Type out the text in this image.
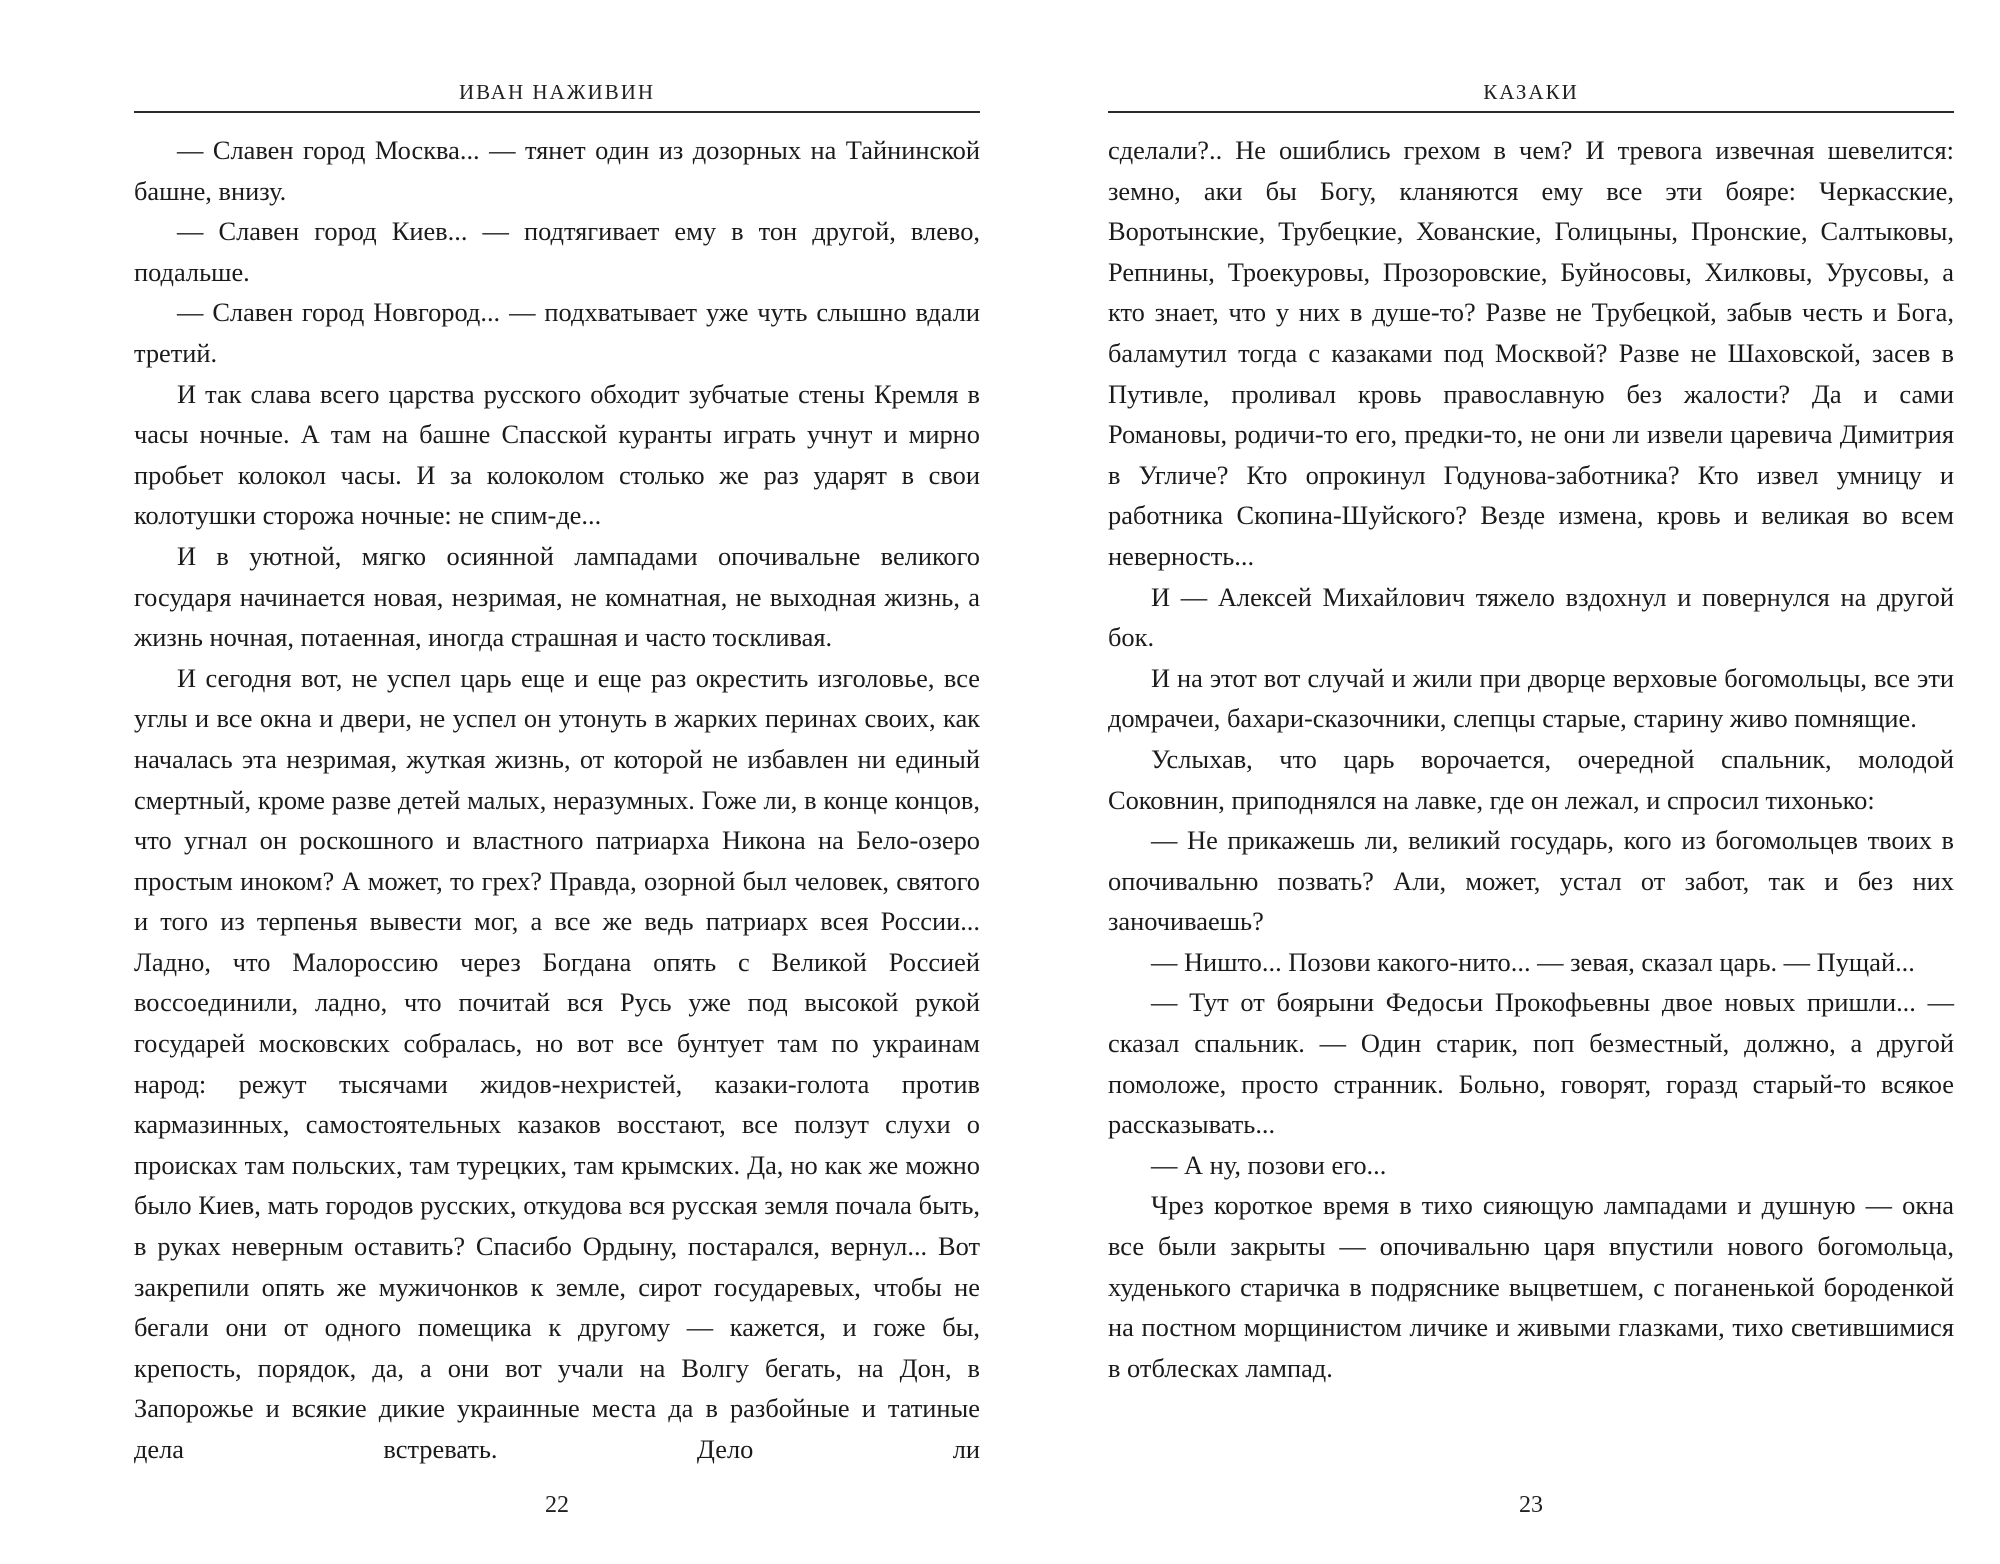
ИВАН НАЖИВИН

— Славен город Москва... — тянет один из дозорных на Тайнинской башне, внизу.

— Славен город Киев... — подтягивает ему в тон другой, влево, подальше.

— Славен город Новгород... — подхватывает уже чуть слышно вдали третий.

И так слава всего царства русского обходит зубчатые стены Кремля в часы ночные. А там на башне Спасской куранты играть учнут и мирно пробьет колокол часы. И за колоколом столько же раз ударят в свои колотушки сторожа ночные: не спим-де...

И в уютной, мягко осиянной лампадами опочивальне великого государя начинается новая, незримая, не комнатная, не выходная жизнь, а жизнь ночная, потаенная, иногда страшная и часто тоскливая.

И сегодня вот, не успел царь еще и еще раз окрестить изголовье, все углы и все окна и двери, не успел он утонуть в жарких перинах своих, как началась эта незримая, жуткая жизнь, от которой не избавлен ни единый смертный, кроме разве детей малых, неразумных. Гоже ли, в конце концов, что угнал он роскошного и властного патриарха Никона на Бело-озеро простым иноком? А может, то грех? Правда, озорной был человек, святого и того из терпенья вывести мог, а все же ведь патриарх всея России... Ладно, что Малороссию через Богдана опять с Великой Россией воссоединили, ладно, что почитай вся Русь уже под высокой рукой государей московских собралась, но вот все бунтует там по украинам народ: режут тысячами жидов-нехристей, казаки-голота против кармазинных, самостоятельных казаков восстают, все ползут слухи о происках там польских, там турецких, там крымских. Да, но как же можно было Киев, мать городов русских, откудова вся русская земля почала быть, в руках неверным оставить? Спасибо Ордыну, постарался, вернул... Вот закрепили опять же мужичонков к земле, сирот государевых, чтобы не бегали они от одного помещика к другому — кажется, и гоже бы, крепость, порядок, да, а они вот учали на Волгу бегать, на Дон, в Запорожье и всякие дикие украинные места да в разбойные и татиные дела встревать. Дело ли

22
КАЗАКИ

сделали?.. Не ошиблись грехом в чем? И тревога извечная шевелится: земно, аки бы Богу, кланяются ему все эти бояре: Черкасские, Воротынские, Трубецкие, Хованские, Голицыны, Пронские, Салтыковы, Репнины, Троекуровы, Прозоровские, Буйносовы, Хилковы, Урусовы, а кто знает, что у них в душе-то? Разве не Трубецкой, забыв честь и Бога, баламутил тогда с казаками под Москвой? Разве не Шаховской, засев в Путивле, проливал кровь православную без жалости? Да и сами Романовы, родичи-то его, предки-то, не они ли извели царевича Димитрия в Угличе? Кто опрокинул Годунова-заботника? Кто извел умницу и работника Скопина-Шуйского? Везде измена, кровь и великая во всем неверность...

И — Алексей Михайлович тяжело вздохнул и повернулся на другой бок.

И на этот вот случай и жили при дворце верховые богомольцы, все эти домрачеи, бахари-сказочники, слепцы старые, старину живо помнящие.

Услыхав, что царь ворочается, очередной спальник, молодой Соковнин, приподнялся на лавке, где он лежал, и спросил тихонько:

— Не прикажешь ли, великий государь, кого из богомольцев твоих в опочивальню позвать? Али, может, устал от забот, так и без них заночиваешь?

— Ништо... Позови какого-нито... — зевая, сказал царь. — Пущай...

— Тут от боярыни Федосьи Прокофьевны двое новых пришли... — сказал спальник. — Один старик, поп безместный, должно, а другой помоложе, просто странник. Больно, говорят, горазд старый-то всякое рассказывать...

— А ну, позови его...

Чрез короткое время в тихо сияющую лампадами и душную — окна все были закрыты — опочивальню царя впустили нового богомольца, худенького старичка в подряснике выцветшем, с поганенькой бороденкой на постном морщинистом личике и живыми глазками, тихо светившимися в отблесках лампад.

23
